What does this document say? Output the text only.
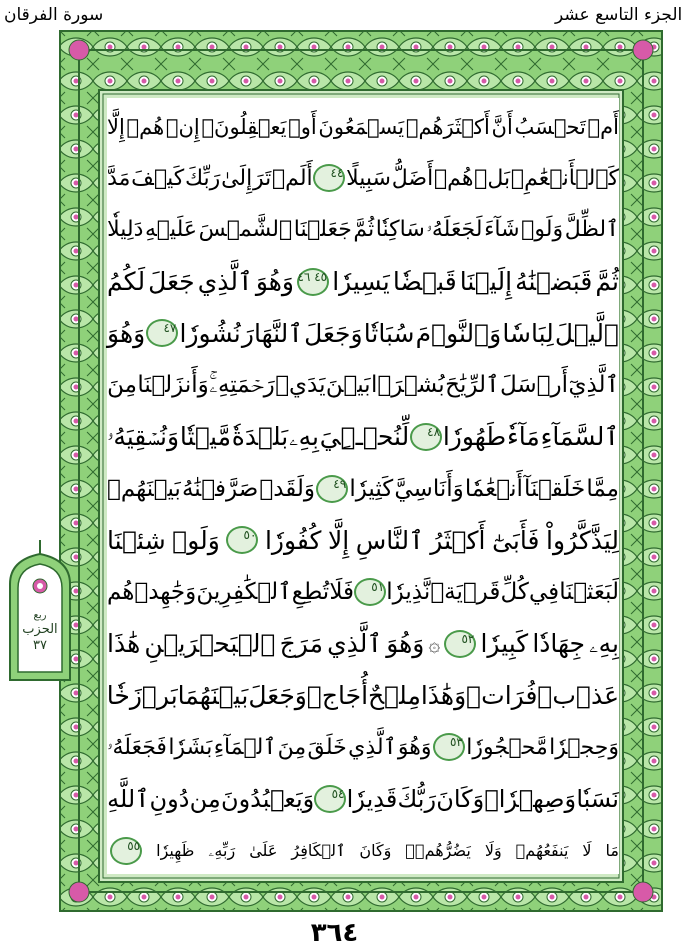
الجزء التاسع عشر
سورة الفرقان
أَمۡ
تَحۡسَبُ
أَنَّ
أَكۡثَرَهُمۡ
يَسۡمَعُونَ
أَوۡ
يَعۡقِلُونَۚ
إِنۡ
هُمۡ
إِلَّا
كَٱلۡأَنۡعَٰمِۖ
بَلۡ
هُمۡ
أَضَلُّ
سَبِيلًا
٤٤
أَلَمۡ
تَرَ
إِلَىٰ
رَبِّكَ
كَيۡفَ
مَدَّ
ٱلظِّلَّ
وَلَوۡ
شَآءَ
لَجَعَلَهُۥ
سَاكِنٗا
ثُمَّ
جَعَلۡنَا
ٱلشَّمۡسَ
عَلَيۡهِ
دَلِيلٗا
ثُمَّ
قَبَضۡنَٰهُ
إِلَيۡنَا
قَبۡضٗا
يَسِيرٗا
٤٥ ٤٦
وَهُوَ
ٱلَّذِي
جَعَلَ
لَكُمُ
ٱلَّيۡلَ
لِبَاسٗا
وَٱلنَّوۡمَ
سُبَاتٗا
وَجَعَلَ
ٱلنَّهَارَ
نُشُورٗا
٤٧
وَهُوَ
ٱلَّذِيٓ
أَرۡسَلَ
ٱلرِّيَٰحَ
بُشۡرَۢا
بَيۡنَ
يَدَيۡ
رَحۡمَتِهِۦۚ
وَأَنزَلۡنَا
مِنَ
ٱلسَّمَآءِ
مَآءٗ
طَهُورٗا
٤٨
لِّنُحۡـِۧيَ
بِهِۦ
بَلۡدَةٗ
مَّيۡتٗا
وَنُسۡقِيَهُۥ
مِمَّا
خَلَقۡنَآ
أَنۡعَٰمٗا
وَأَنَاسِيَّ
كَثِيرٗا
٤٩
وَلَقَدۡ
صَرَّفۡنَٰهُ
بَيۡنَهُمۡ
لِيَذَّكَّرُواْ
فَأَبَىٰٓ
أَكۡثَرُ
ٱلنَّاسِ
إِلَّا
كُفُورٗا
٥٠
وَلَوۡ
شِئۡنَا
لَبَعَثۡنَا
فِي
كُلِّ
قَرۡيَةٖ
نَّذِيرٗا
٥١
فَلَا
تُطِعِ
ٱلۡكَٰفِرِينَ
وَجَٰهِدۡهُم
بِهِۦ
جِهَادٗا
كَبِيرٗا
٥٢
۞
وَهُوَ
ٱلَّذِي
مَرَجَ
ٱلۡبَحۡرَيۡنِ
هَٰذَا
عَذۡبٞ
فُرَاتٞ
وَهَٰذَا
مِلۡحٌ
أُجَاجٞ
وَجَعَلَ
بَيۡنَهُمَا
بَرۡزَخٗا
وَحِجۡرٗا
مَّحۡجُورٗا
٥٣
وَهُوَ
ٱلَّذِي
خَلَقَ
مِنَ
ٱلۡمَآءِ
بَشَرٗا
فَجَعَلَهُۥ
نَسَبٗا
وَصِهۡرٗاۗ
وَكَانَ
رَبُّكَ
قَدِيرٗا
٥٤
وَيَعۡبُدُونَ
مِن
دُونِ
ٱللَّهِ
مَا
لَا
يَنفَعُهُمۡ
وَلَا
يَضُرُّهُمۡۗ
وَكَانَ
ٱلۡكَافِرُ
عَلَىٰ
رَبِّهِۦ
ظَهِيرٗا
٥٥
ربع
الحزب
٣٧
٣٦٤
